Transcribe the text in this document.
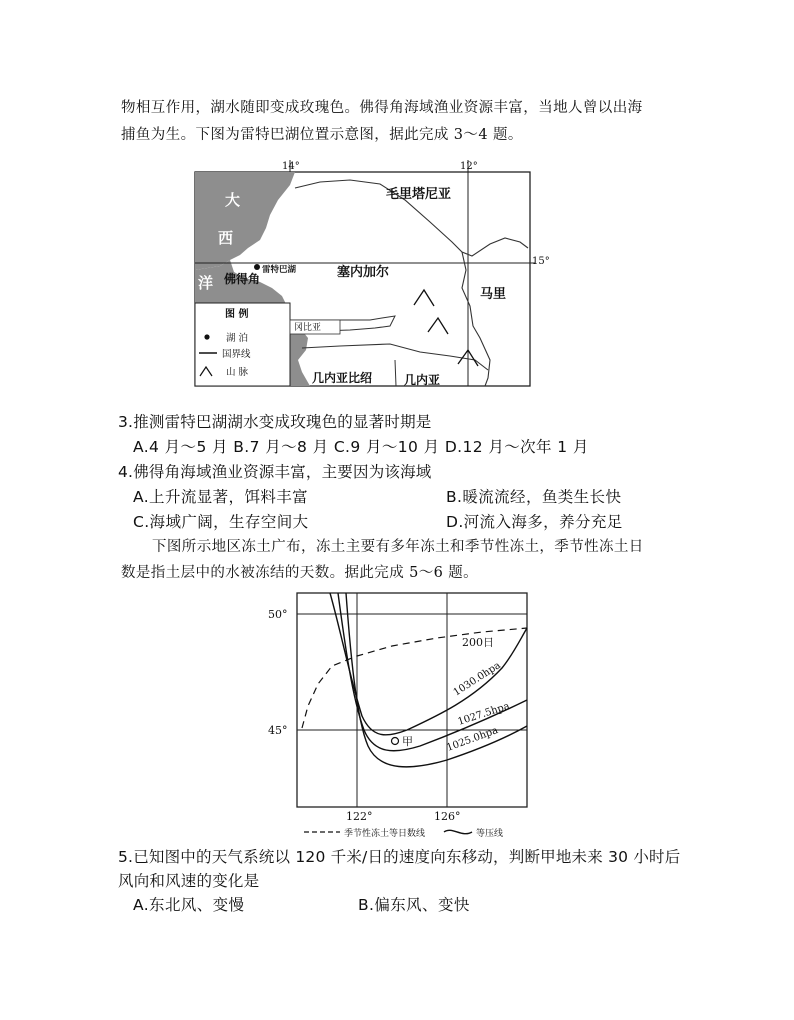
物相互作用，湖水随即变成玫瑰色。佛得角海域渔业资源丰富，当地人曾以出海
捕鱼为生。下图为雷特巴湖位置示意图，据此完成 3～4 题。
14°	12°
15°
大
西
洋 佛得角
雷特巴湖
毛里塔尼亚
塞内加尔
马里
冈比亚
几内亚比绍	几内亚
图 例
湖 泊
国界线
山 脉
3.推测雷特巴湖湖水变成玫瑰色的显著时期是
A.4 月～5 月 B.7 月～8 月 C.9 月～10 月 D.12 月～次年 1 月
4.佛得角海域渔业资源丰富，主要因为该海域
A.上升流显著，饵料丰富	B.暖流流经，鱼类生长快
C.海域广阔，生存空间大	D.河流入海多，养分充足
下图所示地区冻土广布，冻土主要有多年冻土和季节性冻土，季节性冻土日
数是指土层中的水被冻结的天数。据此完成 5～6 题。
50°
45°
122°	126°
200日
1030.0hpa
1027.5hpa
1025.0hpa
甲
季节性冻土等日数线	等压线
5.已知图中的天气系统以 120 千米/日的速度向东移动，判断甲地未来 30 小时后
风向和风速的变化是
A.东北风、变慢	B.偏东风、变快
